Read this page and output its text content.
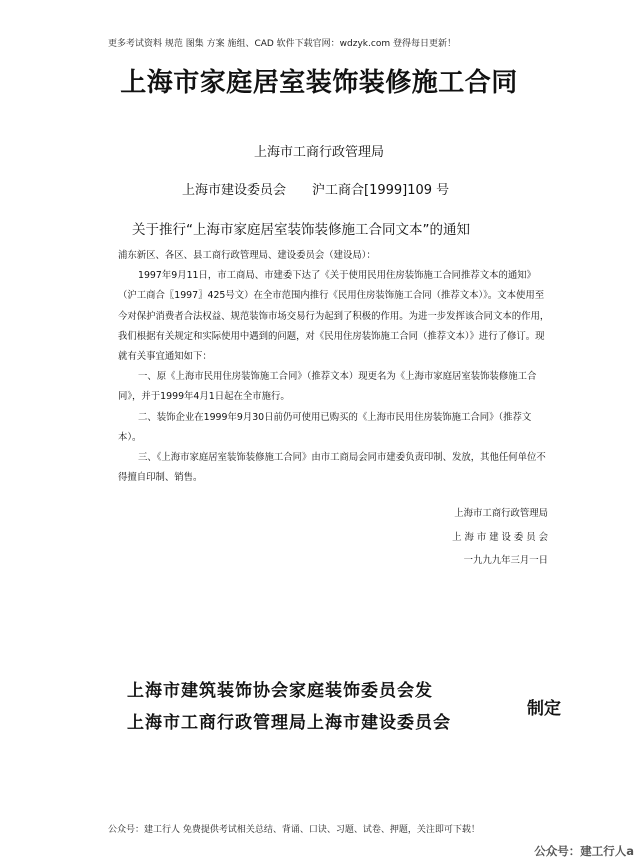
更多考试资料 规范 图集 方案 施组、CAD 软件下载官网：wdzyk.com 登得每日更新！
上海市家庭居室装饰装修施工合同
上海市工商行政管理局
上海市建设委员会　　沪工商合[1999]109 号
关于推行“上海市家庭居室装饰装修施工合同文本”的通知

浦东新区、各区、县工商行政管理局、建设委员会（建设局）：

1997年9月11日，市工商局、市建委下达了《关于使用民用住房装饰施工合同推荐文本的通知》（沪工商合〖1997〗425号文）在全市范围内推行《民用住房装饰施工合同（推荐文本）》。文本使用至今对保护消费者合法权益、规范装饰市场交易行为起到了积极的作用。为进一步发挥该合同文本的作用，我们根据有关规定和实际使用中遇到的问题，对《民用住房装饰施工合同（推荐文本）》进行了修订。现就有关事宜通知如下：

一、原《上海市民用住房装饰施工合同》（推荐文本）现更名为《上海市家庭居室装饰装修施工合同》，并于1999年4月1日起在全市施行。

二、装饰企业在1999年9月30日前仍可使用已购买的《上海市民用住房装饰施工合同》（推荐文本）。

三、《上海市家庭居室装饰装修施工合同》由市工商局会同市建委负责印制、发放，其他任何单位不得擅自印制、销售。

上海市工商行政管理局
上 海 市 建 设 委 员 会
一九九九年三月一日
上海市建筑装饰协会家庭装饰委员会发
上海市工商行政管理局上海市建设委员会
制定
公众号：建工行人 免费提供考试相关总结、背诵、口诀、习题、试卷、押题，关注即可下载！
公众号：建工行人a
